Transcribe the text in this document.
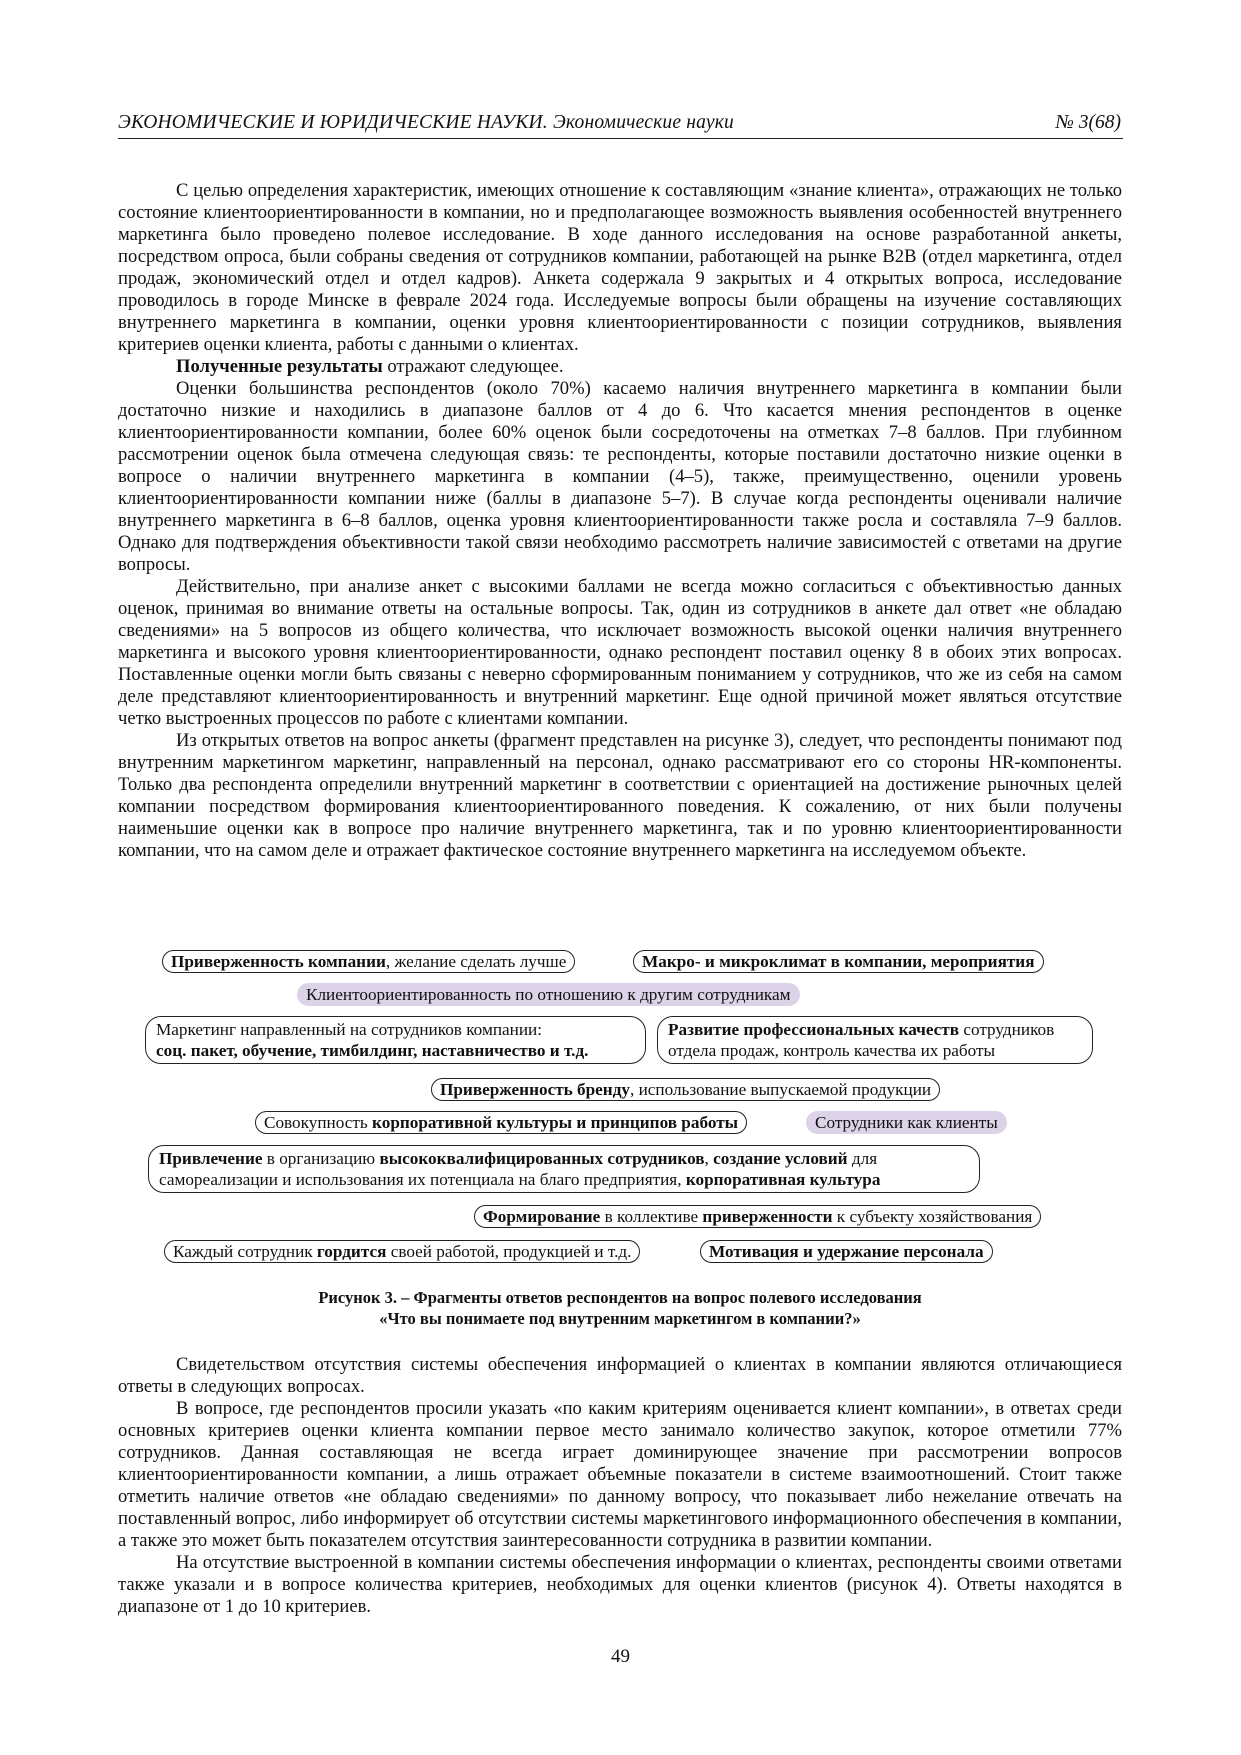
ЭКОНОМИЧЕСКИЕ И ЮРИДИЧЕСКИЕ НАУКИ. Экономические науки	№ 3(68)

С целью определения характеристик, имеющих отношение к составляющим «знание клиента», отражающих не только состояние клиентоориентированности в компании, но и предполагающее возможность выявления особенностей внутреннего маркетинга было проведено полевое исследование. В ходе данного исследования на основе разработанной анкеты, посредством опроса, были собраны сведения от сотрудников компании, работающей на рынке B2B (отдел маркетинга, отдел продаж, экономический отдел и отдел кадров). Анкета содержала 9 закрытых и 4 открытых вопроса, исследование проводилось в городе Минске в феврале 2024 года. Исследуемые вопросы были обращены на изучение составляющих внутреннего маркетинга в компании, оценки уровня клиентоориентированности с позиции сотрудников, выявления критериев оценки клиента, работы с данными о клиентах.

Полученные результаты отражают следующее.

Оценки большинства респондентов (около 70%) касаемо наличия внутреннего маркетинга в компании были достаточно низкие и находились в диапазоне баллов от 4 до 6. Что касается мнения респондентов в оценке клиентоориентированности компании, более 60% оценок были сосредоточены на отметках 7–8 баллов. При глубинном рассмотрении оценок была отмечена следующая связь: те респонденты, которые поставили достаточно низкие оценки в вопросе о наличии внутреннего маркетинга в компании (4–5), также, преимущественно, оценили уровень клиентоориентированности компании ниже (баллы в диапазоне 5–7). В случае когда респонденты оценивали наличие внутреннего маркетинга в 6–8 баллов, оценка уровня клиентоориентированности также росла и составляла 7–9 баллов. Однако для подтверждения объективности такой связи необходимо рассмотреть наличие зависимостей с ответами на другие вопросы.

Действительно, при анализе анкет с высокими баллами не всегда можно согласиться с объективностью данных оценок, принимая во внимание ответы на остальные вопросы. Так, один из сотрудников в анкете дал ответ «не обладаю сведениями» на 5 вопросов из общего количества, что исключает возможность высокой оценки наличия внутреннего маркетинга и высокого уровня клиентоориентированности, однако респондент поставил оценку 8 в обоих этих вопросах. Поставленные оценки могли быть связаны с неверно сформированным пониманием у сотрудников, что же из себя на самом деле представляют клиентоориентированность и внутренний маркетинг. Еще одной причиной может являться отсутствие четко выстроенных процессов по работе с клиентами компании.

Из открытых ответов на вопрос анкеты (фрагмент представлен на рисунке 3), следует, что респонденты понимают под внутренним маркетингом маркетинг, направленный на персонал, однако рассматривают его со стороны HR-компоненты. Только два респондента определили внутренний маркетинг в соответствии с ориентацией на достижение рыночных целей компании посредством формирования клиентоориентированного поведения. К сожалению, от них были получены наименьшие оценки как в вопросе про наличие внутреннего маркетинга, так и по уровню клиентоориентированности компании, что на самом деле и отражает фактическое состояние внутреннего маркетинга на исследуемом объекте.

Приверженность компании, желание сделать лучше	Макро- и микроклимат в компании, мероприятия
Клиентоориентированность по отношению к другим сотрудникам
Маркетинг направленный на сотрудников компании:
соц. пакет, обучение, тимбилдинг, наставничество и т.д.
Развитие профессиональных качеств сотрудников отдела продаж, контроль качества их работы
Приверженность бренду, использование выпускаемой продукции
Совокупность корпоративной культуры и принципов работы	Сотрудники как клиенты
Привлечение в организацию высококвалифицированных сотрудников, создание условий для самореализации и использования их потенциала на благо предприятия, корпоративная культура
Формирование в коллективе приверженности к субъекту хозяйствования
Каждый сотрудник гордится своей работой, продукцией и т.д.	Мотивация и удержание персонала
Рисунок 3. – Фрагменты ответов респондентов на вопрос полевого исследования
«Что вы понимаете под внутренним маркетингом в компании?»

Свидетельством отсутствия системы обеспечения информацией о клиентах в компании являются отличающиеся ответы в следующих вопросах.

В вопросе, где респондентов просили указать «по каким критериям оценивается клиент компании», в ответах среди основных критериев оценки клиента компании первое место занимало количество закупок, которое отметили 77% сотрудников. Данная составляющая не всегда играет доминирующее значение при рассмотрении вопросов клиентоориентированности компании, а лишь отражает объемные показатели в системе взаимоотношений. Стоит также отметить наличие ответов «не обладаю сведениями» по данному вопросу, что показывает либо нежелание отвечать на поставленный вопрос, либо информирует об отсутствии системы маркетингового информационного обеспечения в компании, а также это может быть показателем отсутствия заинтересованности сотрудника в развитии компании.

На отсутствие выстроенной в компании системы обеспечения информации о клиентах, респонденты своими ответами также указали и в вопросе количества критериев, необходимых для оценки клиентов (рисунок 4). Ответы находятся в диапазоне от 1 до 10 критериев.

49
